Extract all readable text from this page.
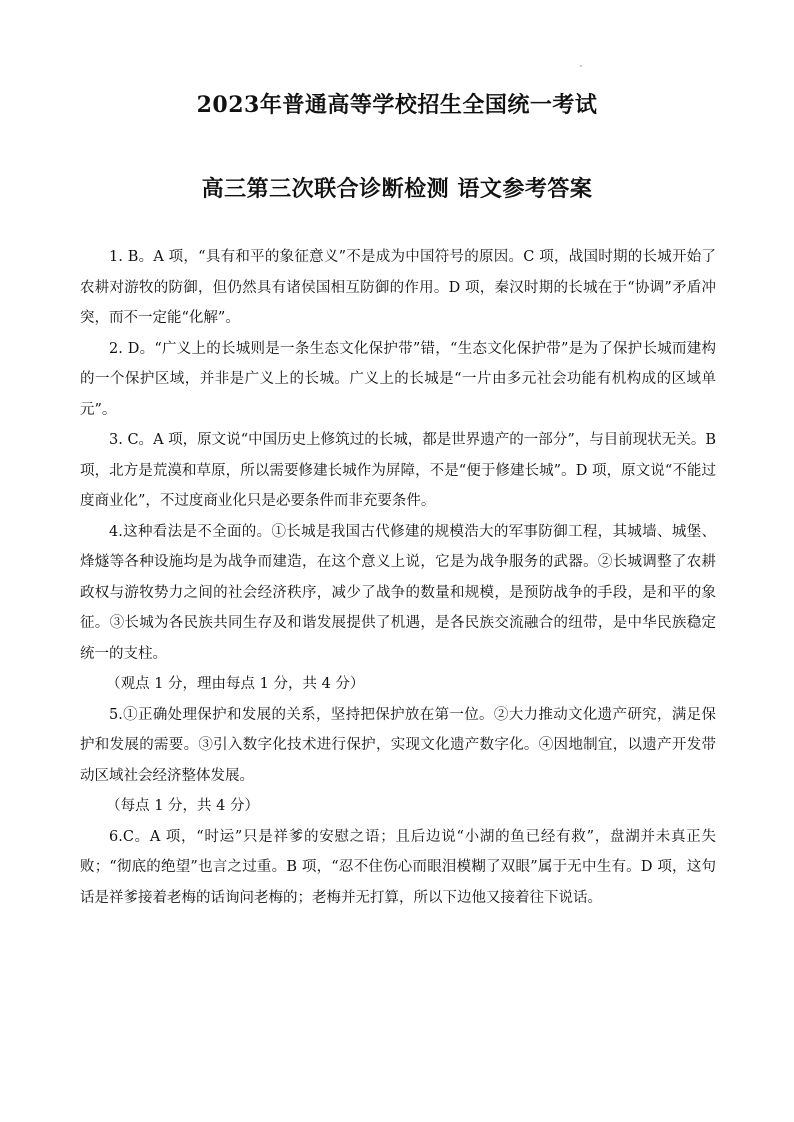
2023年普通高等学校招生全国统一考试
高三第三次联合诊断检测 语文参考答案

1. B。A 项，“具有和平的象征意义”不是成为中国符号的原因。C 项，战国时期的长城开始了农耕对游牧的防御，但仍然具有诸侯国相互防御的作用。D 项，秦汉时期的长城在于“协调”矛盾冲突，而不一定能“化解”。

2. D。“广义上的长城则是一条生态文化保护带”错，“生态文化保护带”是为了保护长城而建构的一个保护区域，并非是广义上的长城。广义上的长城是“一片由多元社会功能有机构成的区域单元”。

3. C。A 项，原文说“中国历史上修筑过的长城，都是世界遗产的一部分”，与目前现状无关。B 项，北方是荒漠和草原，所以需要修建长城作为屏障，不是“便于修建长城”。D 项，原文说“不能过度商业化”，不过度商业化只是必要条件而非充要条件。

4.这种看法是不全面的。①长城是我国古代修建的规模浩大的军事防御工程，其城墙、城堡、烽燧等各种设施均是为战争而建造，在这个意义上说，它是为战争服务的武器。②长城调整了农耕政权与游牧势力之间的社会经济秩序，减少了战争的数量和规模，是预防战争的手段，是和平的象征。③长城为各民族共同生存及和谐发展提供了机遇，是各民族交流融合的纽带，是中华民族稳定统一的支柱。

（观点 1 分，理由每点 1 分，共 4 分）

5.①正确处理保护和发展的关系，坚持把保护放在第一位。②大力推动文化遗产研究，满足保护和发展的需要。③引入数字化技术进行保护，实现文化遗产数字化。④因地制宜，以遗产开发带动区域社会经济整体发展。

（每点 1 分，共 4 分）

6.C。A 项，“时运”只是祥爹的安慰之语；且后边说“小湖的鱼已经有救”，盘湖并未真正失败；“彻底的绝望”也言之过重。B 项，“忍不住伤心而眼泪模糊了双眼”属于无中生有。D 项，这句话是祥爹接着老梅的话询问老梅的；老梅并无打算，所以下边他又接着往下说话。
